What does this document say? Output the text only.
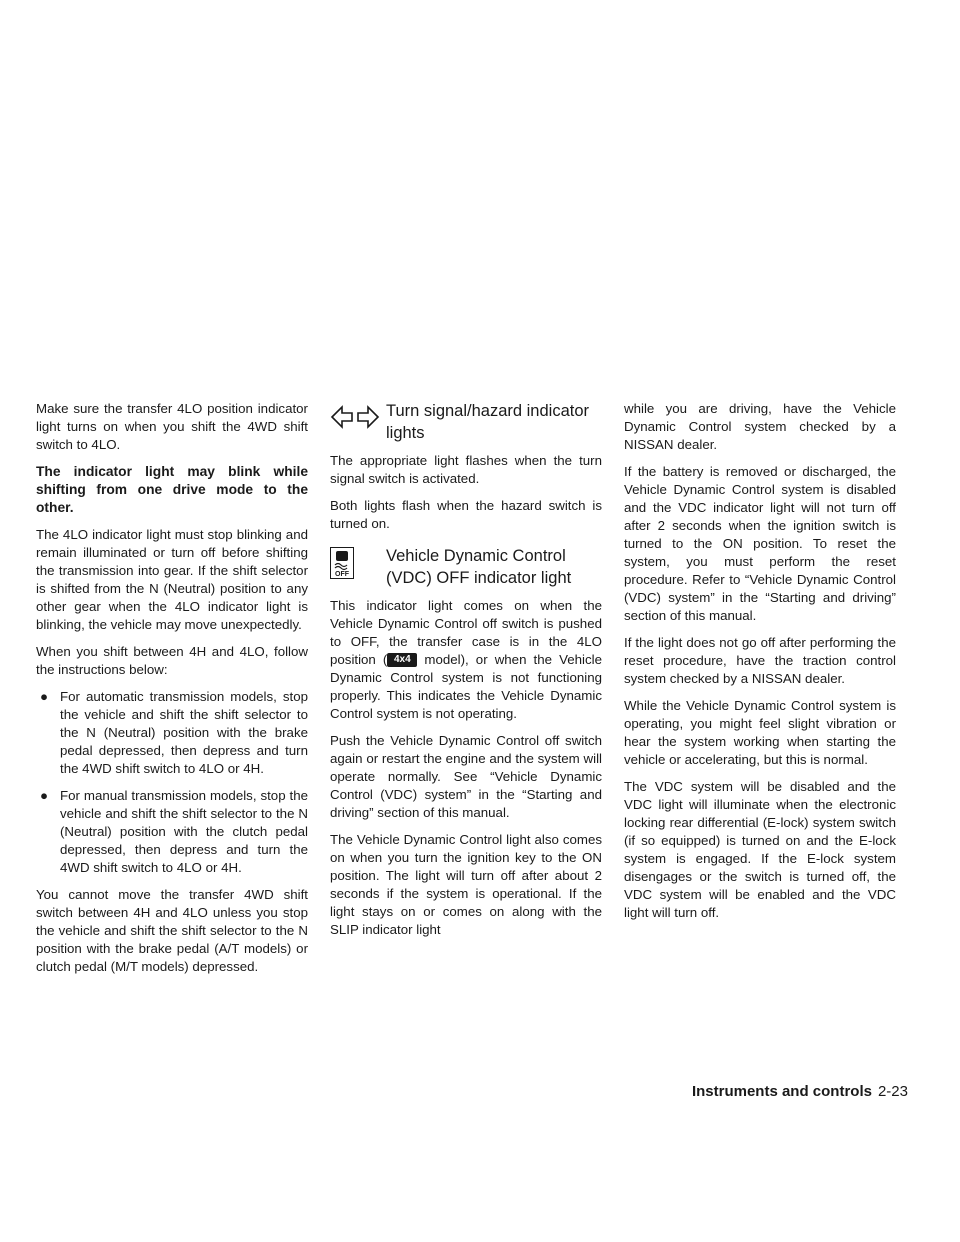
Make sure the transfer 4LO position indicator light turns on when you shift the 4WD shift switch to 4LO.

The indicator light may blink while shifting from one drive mode to the other.

The 4LO indicator light must stop blinking and remain illuminated or turn off before shifting the transmission into gear. If the shift selector is shifted from the N (Neutral) position to any other gear when the 4LO indicator light is blinking, the vehicle may move unexpectedly.

When you shift between 4H and 4LO, follow the instructions below:

● For automatic transmission models, stop the vehicle and shift the shift selector to the N (Neutral) position with the brake pedal depressed, then depress and turn the 4WD shift switch to 4LO or 4H.
● For manual transmission models, stop the vehicle and shift the shift selector to the N (Neutral) position with the clutch pedal depressed, then depress and turn the 4WD shift switch to 4LO or 4H.

You cannot move the transfer 4WD shift switch between 4H and 4LO unless you stop the vehicle and shift the shift selector to the N position with the brake pedal (A/T models) or clutch pedal (M/T models) depressed.

Turn signal/hazard indicator
lights

The appropriate light flashes when the turn signal switch is activated.

Both lights flash when the hazard switch is turned on.

OFF
Vehicle Dynamic Control
(VDC) OFF indicator light

This indicator light comes on when the Vehicle Dynamic Control off switch is pushed to OFF, the transfer case is in the 4LO position ( 4x4 model), or when the Vehicle Dynamic Control system is not functioning properly. This indicates the Vehicle Dynamic Control system is not operating.

Push the Vehicle Dynamic Control off switch again or restart the engine and the system will operate normally. See “Vehicle Dynamic Control (VDC) system” in the “Starting and driving” section of this manual.

The Vehicle Dynamic Control light also comes on when you turn the ignition key to the ON position. The light will turn off after about 2 seconds if the system is operational. If the light stays on or comes on along with the SLIP indicator light

while you are driving, have the Vehicle Dynamic Control system checked by a NISSAN dealer.

If the battery is removed or discharged, the Vehicle Dynamic Control system is disabled and the VDC indicator light will not turn off after 2 seconds when the ignition switch is turned to the ON position. To reset the system, you must perform the reset procedure. Refer to “Vehicle Dynamic Control (VDC) system” in the “Starting and driving” section of this manual.

If the light does not go off after performing the reset procedure, have the traction control system checked by a NISSAN dealer.

While the Vehicle Dynamic Control system is operating, you might feel slight vibration or hear the system working when starting the vehicle or accelerating, but this is normal.

The VDC system will be disabled and the VDC light will illuminate when the electronic locking rear differential (E-lock) system switch (if so equipped) is turned on and the E-lock system is engaged. If the E-lock system disengages or the switch is turned off, the VDC system will be enabled and the VDC light will turn off.

Instruments and controls 2-23
